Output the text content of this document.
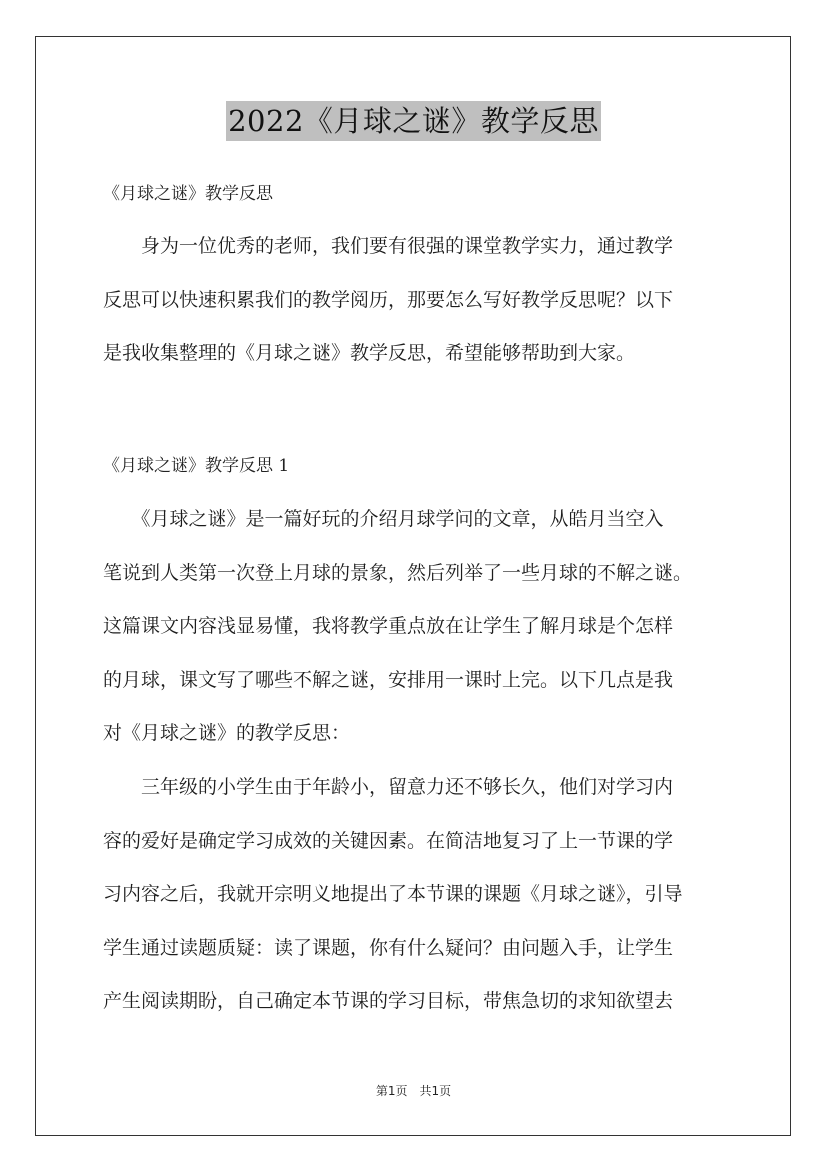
2022《月球之谜》教学反思
《月球之谜》教学反思
　　身为一位优秀的老师，我们要有很强的课堂教学实力，通过教学
反思可以快速积累我们的教学阅历，那要怎么写好教学反思呢？以下
是我收集整理的《月球之谜》教学反思，希望能够帮助到大家。
《月球之谜》教学反思 1
　　《月球之谜》是一篇好玩的介绍月球学问的文章，从皓月当空入
笔说到人类第一次登上月球的景象，然后列举了一些月球的不解之谜。
这篇课文内容浅显易懂，我将教学重点放在让学生了解月球是个怎样
的月球，课文写了哪些不解之谜，安排用一课时上完。以下几点是我
对《月球之谜》的教学反思：
　　三年级的小学生由于年龄小，留意力还不够长久，他们对学习内
容的爱好是确定学习成效的关键因素。在简洁地复习了上一节课的学
习内容之后，我就开宗明义地提出了本节课的课题《月球之谜》，引导
学生通过读题质疑：读了课题，你有什么疑问？由问题入手，让学生
产生阅读期盼，自己确定本节课的学习目标，带焦急切的求知欲望去
第1页　共1页
